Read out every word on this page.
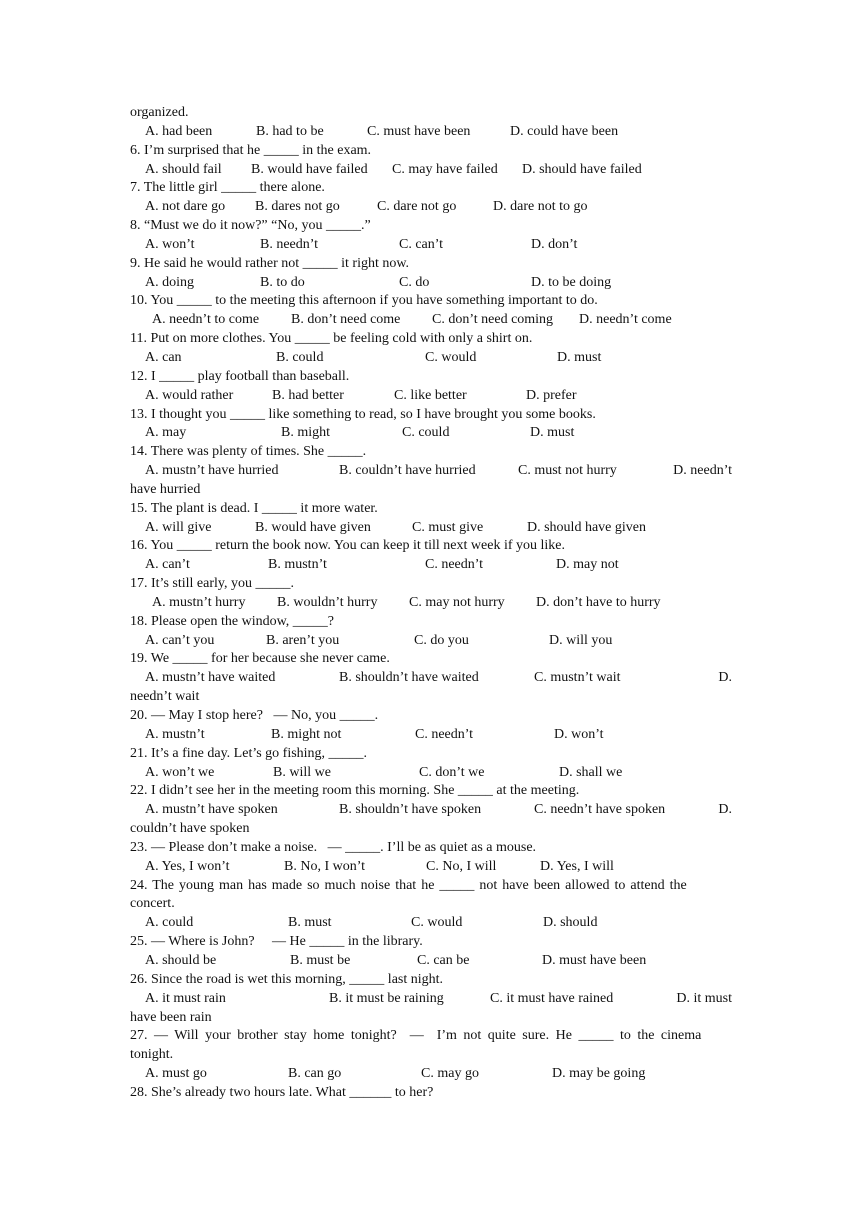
organized.
A. had been	B. had to be	C. must have been	D. could have been
6. I’m surprised that he _____ in the exam.
A. should fail	B. would have failed	C. may have failed	D. should have failed
7. The little girl _____ there alone.
A. not dare go	B. dares not go	C. dare not go	D. dare not to go
8. “Must we do it now?” “No, you _____.”
A. won’t	B. needn’t	C. can’t	D. don’t
9. He said he would rather not _____ it right now.
A. doing	B. to do	C. do	D. to be doing
10. You _____ to the meeting this afternoon if you have something important to do.
A. needn’t to come	B. don’t need come	C. don’t need coming	D. needn’t come
11. Put on more clothes. You _____ be feeling cold with only a shirt on.
A. can	B. could	C. would	D. must
12. I _____ play football than baseball.
A. would rather	B. had better	C. like better	D. prefer
13. I thought you _____ like something to read, so I have brought you some books.
A. may	B. might	C. could	D. must
14. There was plenty of times. She _____.
A. mustn’t have hurried	B. couldn’t have hurried	C. must not hurry	D. needn’t
have hurried
15. The plant is dead. I _____ it more water.
A. will give	B. would have given	C. must give	D. should have given
16. You _____ return the book now. You can keep it till next week if you like.
A. can’t	B. mustn’t	C. needn’t	D. may not
17. It’s still early, you _____.
A. mustn’t hurry	B. wouldn’t hurry	C. may not hurry	D. don’t have to hurry
18. Please open the window, _____?
A. can’t you	B. aren’t you	C. do you	D. will you
19. We _____ for her because she never came.
A. mustn’t have waited	B. shouldn’t have waited	C. mustn’t wait	D.
needn’t wait
20. — May I stop here?   — No, you _____.
A. mustn’t	B. might not	C. needn’t	D. won’t
21. It’s a fine day. Let’s go fishing, _____.
A. won’t we	B. will we	C. don’t we	D. shall we
22. I didn’t see her in the meeting room this morning. She _____ at the meeting.
A. mustn’t have spoken	B. shouldn’t have spoken	C. needn’t have spoken	D.
couldn’t have spoken
23. — Please don’t make a noise.   — _____. I’ll be as quiet as a mouse.
A. Yes, I won’t	B. No, I won’t	C. No, I will	D. Yes, I will
24. The young man has made so much noise that he _____ not have been allowed to attend the
concert.
A. could	B. must	C. would	D. should
25. — Where is John?     — He _____ in the library.
A. should be	B. must be	C. can be	D. must have been
26. Since the road is wet this morning, _____ last night.
A. it must rain	B. it must be raining	C. it must have rained	D. it must
have been rain
27. — Will your brother stay home tonight?  —  I’m not quite sure. He _____ to the cinema
tonight.
A. must go	B. can go	C. may go	D. may be going
28. She’s already two hours late. What ______ to her?
